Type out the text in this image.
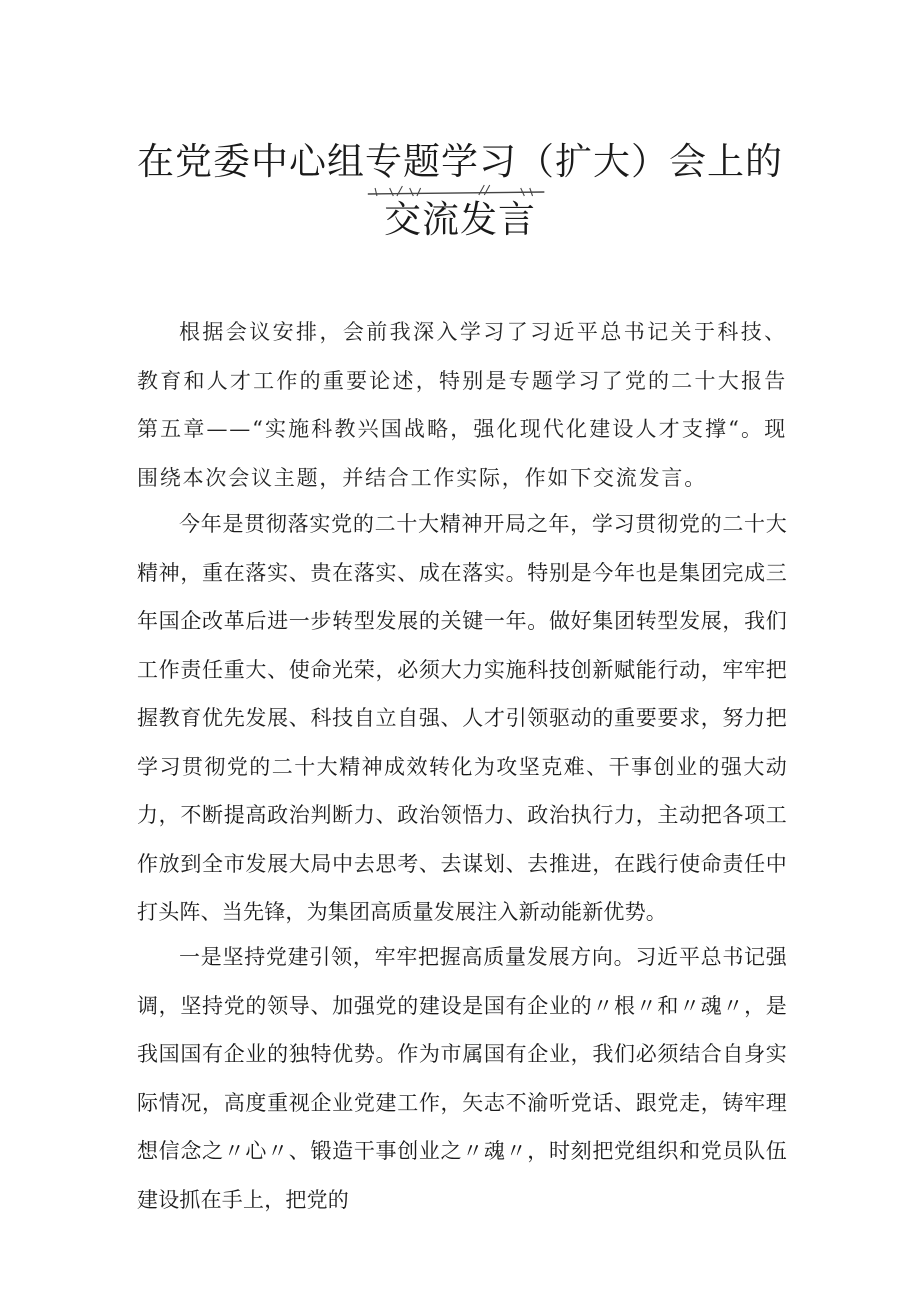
在党委中心组专题学习（扩大）会上的
交流发言

根据会议安排，会前我深入学习了习近平总书记关于科技、教育和人才工作的重要论述，特别是专题学习了党的二十大报告第五章——“实施科教兴国战略，强化现代化建设人才支撑“。现围绕本次会议主题，并结合工作实际，作如下交流发言。

今年是贯彻落实党的二十大精神开局之年，学习贯彻党的二十大精神，重在落实、贵在落实、成在落实。特别是今年也是集团完成三年国企改革后进一步转型发展的关键一年。做好集团转型发展，我们工作责任重大、使命光荣，必须大力实施科技创新赋能行动，牢牢把握教育优先发展、科技自立自强、人才引领驱动的重要要求，努力把学习贯彻党的二十大精神成效转化为攻坚克难、干事创业的强大动力，不断提高政治判断力、政治领悟力、政治执行力，主动把各项工作放到全市发展大局中去思考、去谋划、去推进，在践行使命责任中打头阵、当先锋，为集团高质量发展注入新动能新优势。

一是坚持党建引领，牢牢把握高质量发展方向。习近平总书记强调，坚持党的领导、加强党的建设是国有企业的〃根〃和〃魂〃，是我国国有企业的独特优势。作为市属国有企业，我们必须结合自身实际情况，高度重视企业党建工作，矢志不渝听党话、跟党走，铸牢理想信念之〃心〃、锻造干事创业之〃魂〃，时刻把党组织和党员队伍建设抓在手上，把党的
